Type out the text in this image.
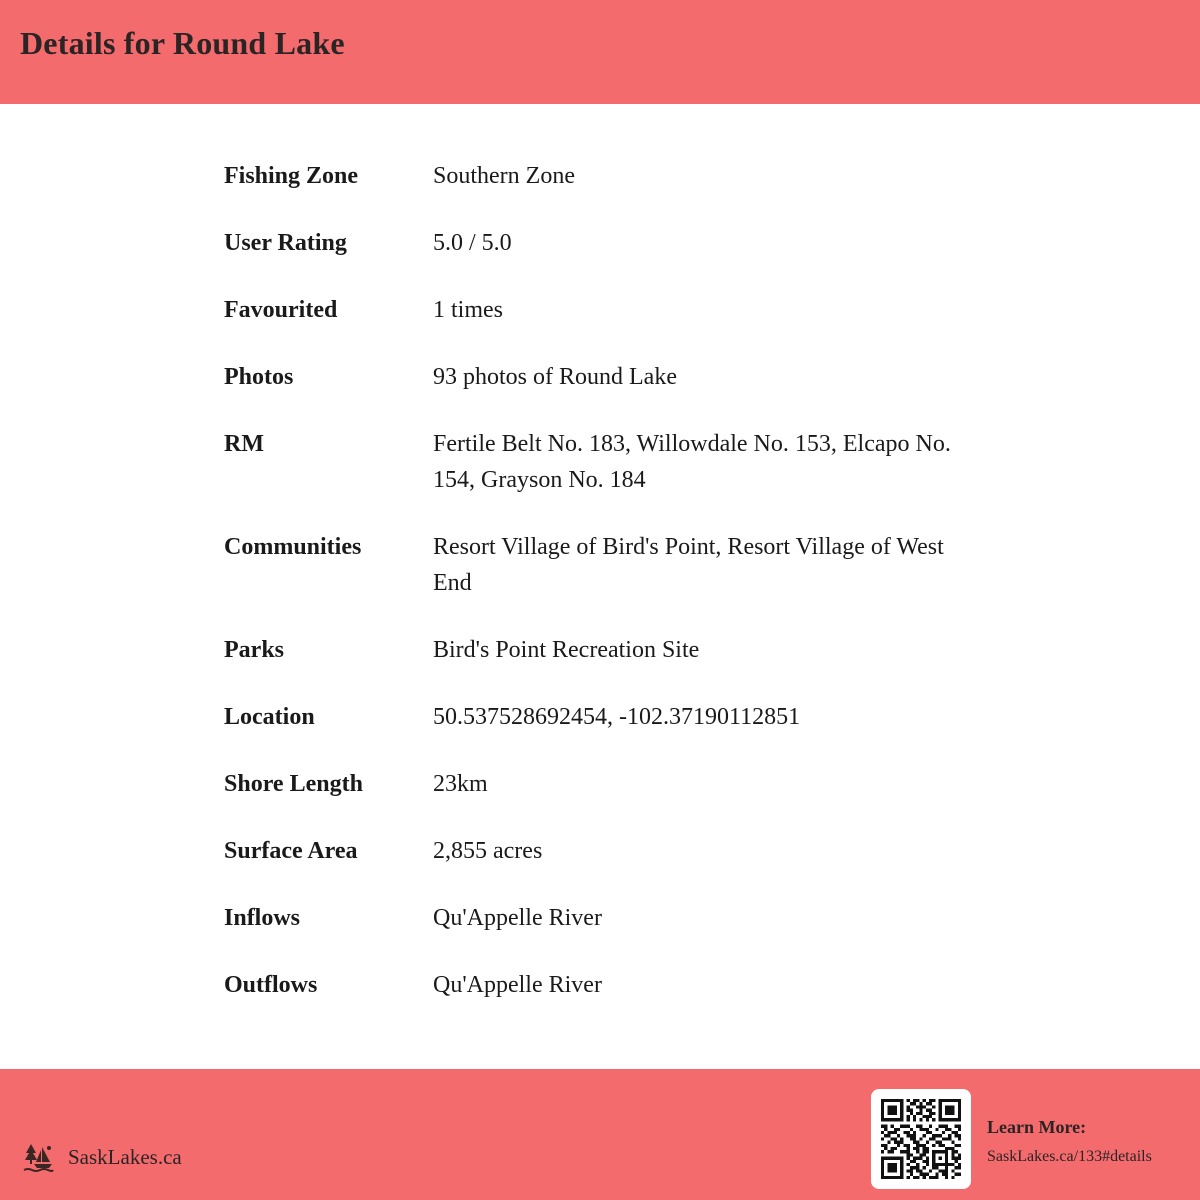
Details for Round Lake
Fishing Zone	Southern Zone
User Rating	5.0 / 5.0
Favourited	1 times
Photos	93 photos of Round Lake
RM	Fertile Belt No. 183, Willowdale No. 153, Elcapo No. 154, Grayson No. 184
Communities	Resort Village of Bird's Point, Resort Village of West End
Parks	Bird's Point Recreation Site
Location	50.537528692454, -102.37190112851
Shore Length	23km
Surface Area	2,855 acres
Inflows	Qu'Appelle River
Outflows	Qu'Appelle River
SaskLakes.ca
Learn More:
SaskLakes.ca/133#details
